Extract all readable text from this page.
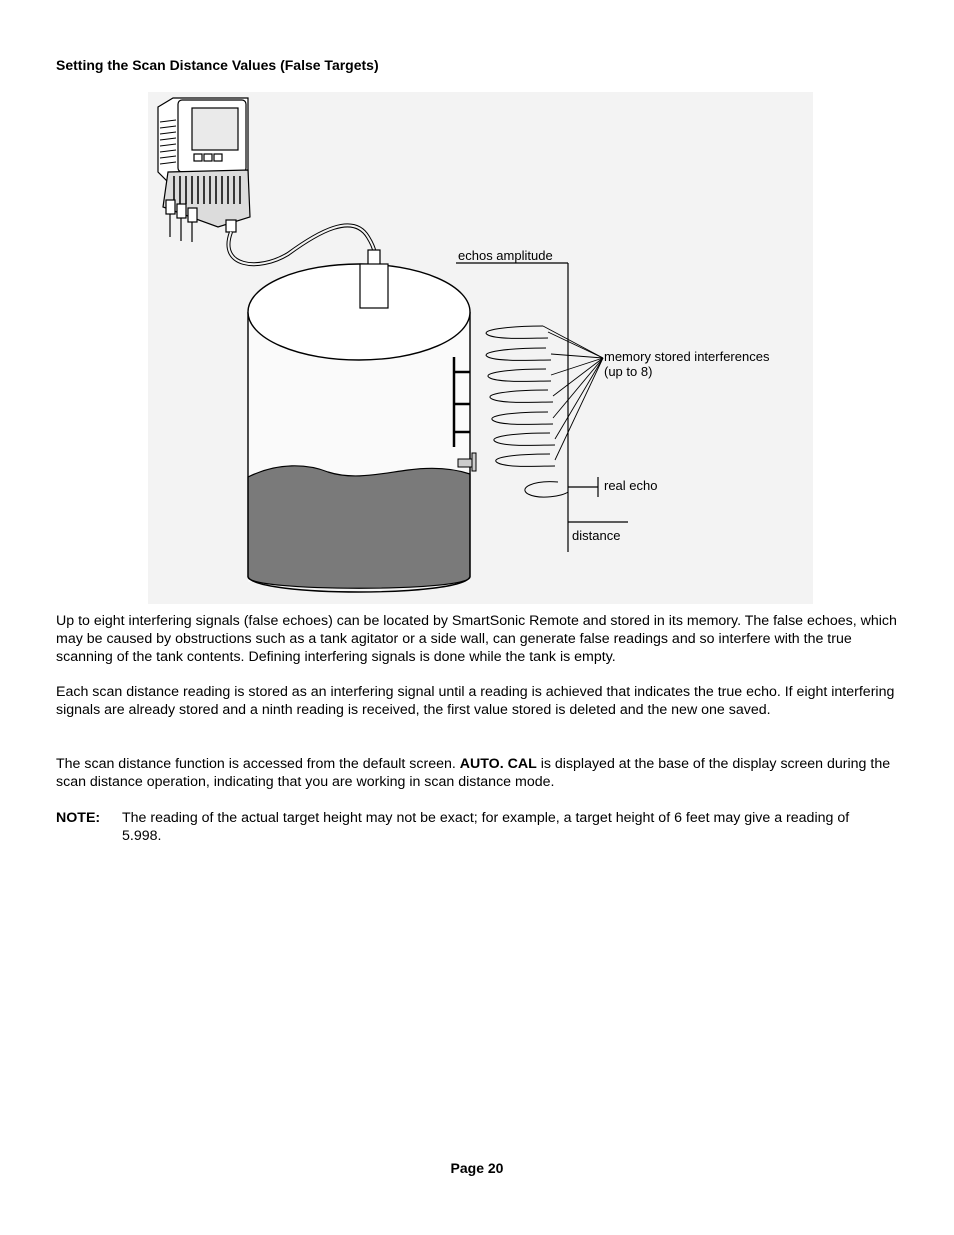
Setting the Scan Distance Values (False Targets)
echos amplitude
memory stored interferences
(up to 8)
real echo
distance
Up to eight interfering signals (false echoes) can be located by SmartSonic Remote and stored in its memory. The false echoes, which may be caused by obstructions such as a tank agitator or a side wall, can generate false readings and so interfere with the true scanning of the tank contents. Defining interfering signals is done while the tank is empty.
Each scan distance reading is stored as an interfering signal until a reading is achieved that indicates the true echo. If eight interfering signals are already stored and a ninth reading is received, the first value stored is deleted and the new one saved.
The scan distance function is accessed from the default screen. AUTO. CAL is displayed at the base of the display screen during the scan distance operation, indicating that you are working in scan distance mode.
NOTE: The reading of the actual target height may not be exact; for example, a target height of 6 feet may give a reading of 5.998.
Page 20
